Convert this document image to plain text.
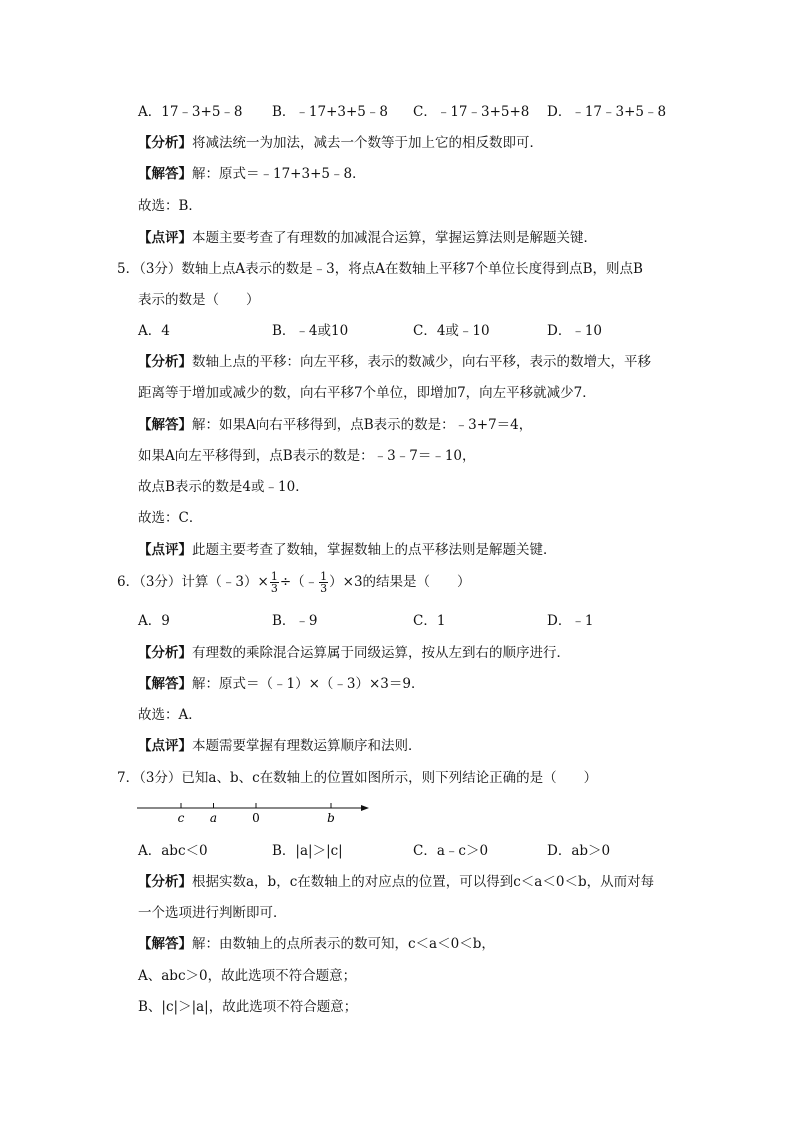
A．17﹣3+5﹣8 B．﹣17+3+5﹣8 C．﹣17﹣3+5+8 D．﹣17﹣3+5﹣8
【分析】将减法统一为加法，减去一个数等于加上它的相反数即可．
【解答】解：原式＝﹣17+3+5﹣8．
故选：B．
【点评】本题主要考查了有理数的加减混合运算，掌握运算法则是解题关键．
5．（3分）数轴上点A表示的数是﹣3，将点A在数轴上平移7个单位长度得到点B，则点B
表示的数是（　　）
A．4	B．﹣4或10	C．4或﹣10	D．﹣10
【分析】数轴上点的平移：向左平移，表示的数减少，向右平移，表示的数增大，平移
距离等于增加或减少的数，向右平移7个单位，即增加7，向左平移就减少7．
【解答】解：如果A向右平移得到，点B表示的数是：﹣3+7＝4，
如果A向左平移得到，点B表示的数是：﹣3﹣7＝﹣10，
故点B表示的数是4或﹣10．
故选：C．
【点评】此题主要考查了数轴，掌握数轴上的点平移法则是解题关键．
6．（3分）计算（﹣3）× $\frac{1}{3}$ ÷（﹣ $\frac{1}{3} )\times 3$的结果是（　　）
A．9	B．﹣9	C．1	D．﹣1
【分析】有理数的乘除混合运算属于同级运算，按从左到右的顺序进行．
【解答】解：原式＝（﹣1）×（﹣3）×3＝9．
故选：A．
【点评】本题需要掌握有理数运算顺序和法则．
7．（3分）已知a、b、c在数轴上的位置如图所示，则下列结论正确的是（　　）
c a	0	b
A．abc＜0	B．|a|＞|c|	C．a﹣c＞0	D．ab＞0
【分析】根据实数a，b，c在数轴上的对应点的位置，可以得到c＜a＜0＜b，从而对每
一个选项进行判断即可．
【解答】解：由数轴上的点所表示的数可知，c＜a＜0＜b，
A、abc＞0，故此选项不符合题意；
B、|c|＞|a|，故此选项不符合题意；
